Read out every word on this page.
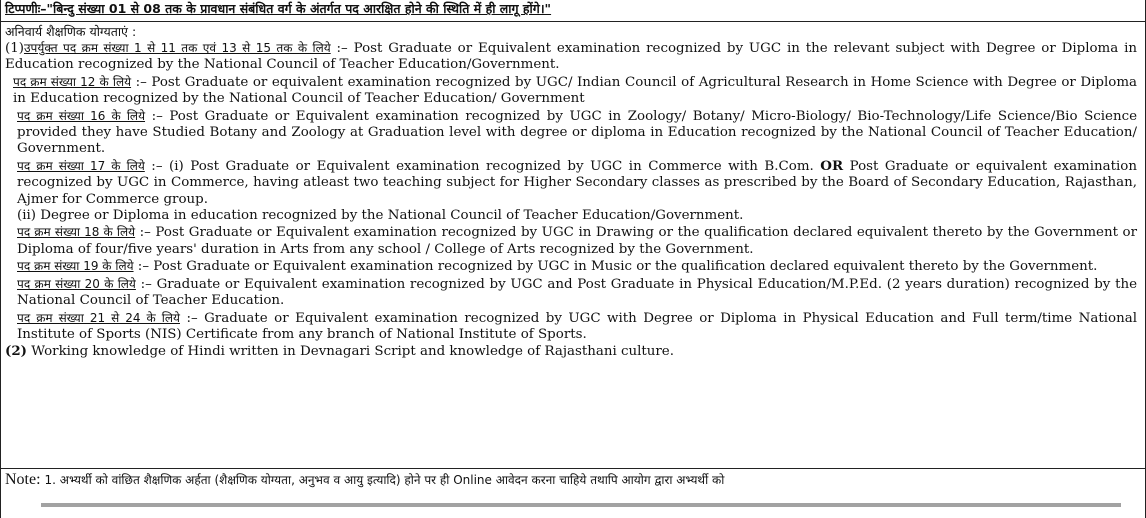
टिप्पणीः–"बिन्दु संख्या 01 से 08 तक के प्रावधान संबंधित वर्ग के अंतर्गत पद आरक्षित होने की स्थिति में ही लागू होंगे।"
अनिवार्य शैक्षणिक योग्यताएं :

(1)उपर्युक्त पद क्रम संख्या 1 से 11 तक एवं 13 से 15 तक के लिये :– Post Graduate or Equivalent examination recognized by UGC in the relevant subject with Degree or Diploma in Education recognized by the National Council of Teacher Education/Government.

पद क्रम संख्या 12 के लिये :– Post Graduate or equivalent examination recognized by UGC/ Indian Council of Agricultural Research in Home Science with Degree or Diploma in Education recognized by the National Council of Teacher Education/ Government

पद क्रम संख्या 16 के लिये :– Post Graduate or Equivalent examination recognized by UGC in Zoology/ Botany/ Micro-Biology/ Bio-Technology/Life Science/Bio Science provided they have Studied Botany and Zoology at Graduation level with degree or diploma in Education recognized by the National Council of Teacher Education/ Government.

पद क्रम संख्या 17 के लिये :– (i) Post Graduate or Equivalent examination recognized by UGC in Commerce with B.Com. OR Post Graduate or equivalent examination recognized by UGC in Commerce, having atleast two teaching subject for Higher Secondary classes as prescribed by the Board of Secondary Education, Rajasthan, Ajmer for Commerce group.

(ii) Degree or Diploma in education recognized by the National Council of Teacher Education/Government.

पद क्रम संख्या 18 के लिये :– Post Graduate or Equivalent examination recognized by UGC in Drawing or the qualification declared equivalent thereto by the Government or Diploma of four/five years' duration in Arts from any school / College of Arts recognized by the Government.

पद क्रम संख्या 19 के लिये :– Post Graduate or Equivalent examination recognized by UGC in Music or the qualification declared equivalent thereto by the Government.

पद क्रम संख्या 20 के लिये :– Graduate or Equivalent examination recognized by UGC and Post Graduate in Physical Education/M.P.Ed. (2 years duration) recognized by the National Council of Teacher Education.

पद क्रम संख्या 21 से 24 के लिये :– Graduate or Equivalent examination recognized by UGC with Degree or Diploma in Physical Education and Full term/time National Institute of Sports (NIS) Certificate from any branch of National Institute of Sports.

(2) Working knowledge of Hindi written in Devnagari Script and knowledge of Rajasthani culture.

Note: 1. अभ्यर्थी को वांछित शैक्षणिक अर्हता (शैक्षणिक योग्यता, अनुभव व आयु इत्यादि) होने पर ही Online आवेदन करना चाहिये तथापि आयोग द्वारा अभ्यर्थी को
